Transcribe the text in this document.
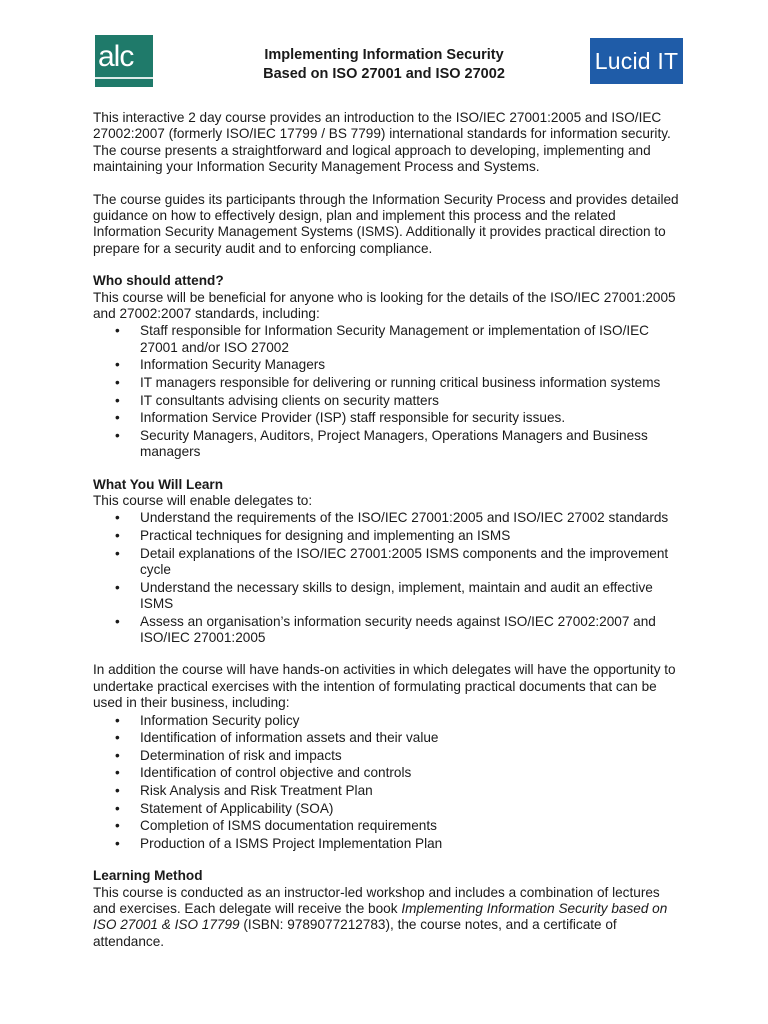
alc	Implementing Information Security
Based on ISO 27001 and ISO 27002
Lucid IT

This interactive 2 day course provides an introduction to the ISO/IEC 27001:2005 and ISO/IEC 27002:2007 (formerly ISO/IEC 17799 / BS 7799) international standards for information security. The course presents a straightforward and logical approach to developing, implementing and maintaining your Information Security Management Process and Systems.

The course guides its participants through the Information Security Process and provides detailed guidance on how to effectively design, plan and implement this process and the related Information Security Management Systems (ISMS). Additionally it provides practical direction to prepare for a security audit and to enforcing compliance.

Who should attend?

This course will be beneficial for anyone who is looking for the details of the ISO/IEC 27001:2005 and 27002:2007 standards, including:

• Staff responsible for Information Security Management or implementation of ISO/IEC 27001 and/or ISO 27002
• Information Security Managers
• IT managers responsible for delivering or running critical business information systems
• IT consultants advising clients on security matters
• Information Service Provider (ISP) staff responsible for security issues.
• Security Managers, Auditors, Project Managers, Operations Managers and Business managers

What You Will Learn

This course will enable delegates to:

• Understand the requirements of the ISO/IEC 27001:2005 and ISO/IEC 27002 standards
• Practical techniques for designing and implementing an ISMS
• Detail explanations of the ISO/IEC 27001:2005 ISMS components and the improvement cycle
• Understand the necessary skills to design, implement, maintain and audit an effective ISMS
• Assess an organisation’s information security needs against ISO/IEC 27002:2007 and ISO/IEC 27001:2005

In addition the course will have hands-on activities in which delegates will have the opportunity to undertake practical exercises with the intention of formulating practical documents that can be used in their business, including:

• Information Security policy
• Identification of information assets and their value
• Determination of risk and impacts
• Identification of control objective and controls
• Risk Analysis and Risk Treatment Plan
• Statement of Applicability (SOA)
• Completion of ISMS documentation requirements
• Production of a ISMS Project Implementation Plan

Learning Method

This course is conducted as an instructor-led workshop and includes a combination of lectures and exercises. Each delegate will receive the book Implementing Information Security based on ISO 27001 & ISO 17799 (ISBN: 9789077212783), the course notes, and a certificate of attendance.
